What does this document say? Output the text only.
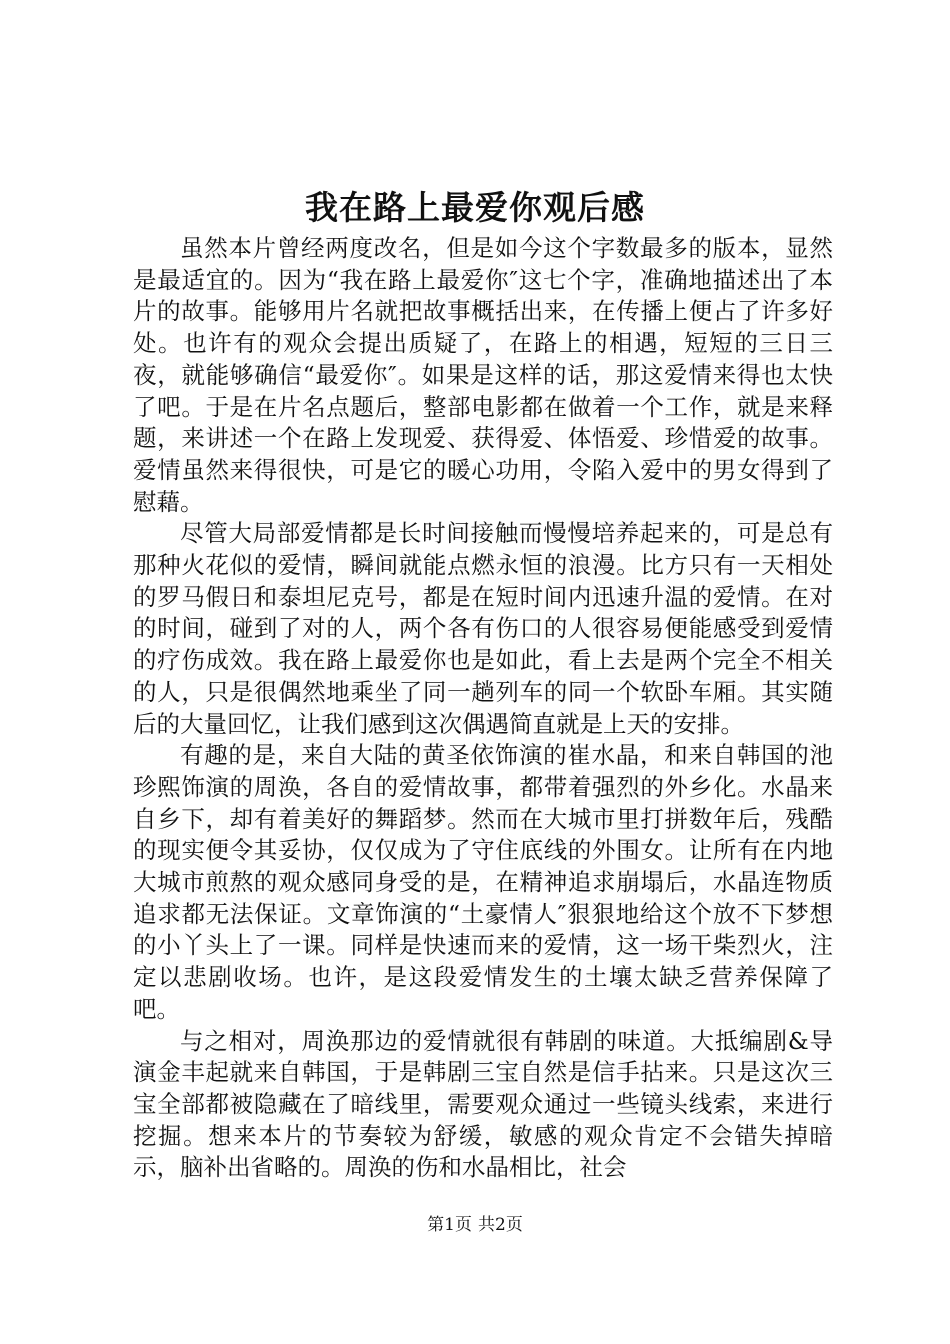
我在路上最爱你观后感

虽然本片曾经两度改名，但是如今这个字数最多的版本，显然是最适宜的。因为“我在路上最爱你″这七个字，准确地描述出了本片的故事。能够用片名就把故事概括出来，在传播上便占了许多好处。也许有的观众会提出质疑了，在路上的相遇，短短的三日三夜，就能够确信“最爱你″。如果是这样的话，那这爱情来得也太快了吧。于是在片名点题后，整部电影都在做着一个工作，就是来释题，来讲述一个在路上发现爱、获得爱、体悟爱、珍惜爱的故事。爱情虽然来得很快，可是它的暖心功用，令陷入爱中的男女得到了慰藉。

尽管大局部爱情都是长时间接触而慢慢培养起来的，可是总有那种火花似的爱情，瞬间就能点燃永恒的浪漫。比方只有一天相处的罗马假日和泰坦尼克号，都是在短时间内迅速升温的爱情。在对的时间，碰到了对的人，两个各有伤口的人很容易便能感受到爱情的疗伤成效。我在路上最爱你也是如此，看上去是两个完全不相关的人，只是很偶然地乘坐了同一趟列车的同一个软卧车厢。其实随后的大量回忆，让我们感到这次偶遇简直就是上天的安排。

有趣的是，来自大陆的黄圣依饰演的崔水晶，和来自韩国的池珍熙饰演的周涣，各自的爱情故事，都带着强烈的外乡化。水晶来自乡下，却有着美好的舞蹈梦。然而在大城市里打拼数年后，残酷的现实便令其妥协，仅仅成为了守住底线的外围女。让所有在内地大城市煎熬的观众感同身受的是，在精神追求崩塌后，水晶连物质追求都无法保证。文章饰演的“土豪情人″狠狠地给这个放不下梦想的小丫头上了一课。同样是快速而来的爱情，这一场干柴烈火，注定以悲剧收场。也许，是这段爱情发生的土壤太缺乏营养保障了吧。

与之相对，周涣那边的爱情就很有韩剧的味道。大抵编剧&导演金丰起就来自韩国，于是韩剧三宝自然是信手拈来。只是这次三宝全部都被隐藏在了暗线里，需要观众通过一些镜头线索，来进行挖掘。想来本片的节奏较为舒缓，敏感的观众肯定不会错失掉暗示，脑补出省略的。周涣的伤和水晶相比，社会

第1页 共2页
